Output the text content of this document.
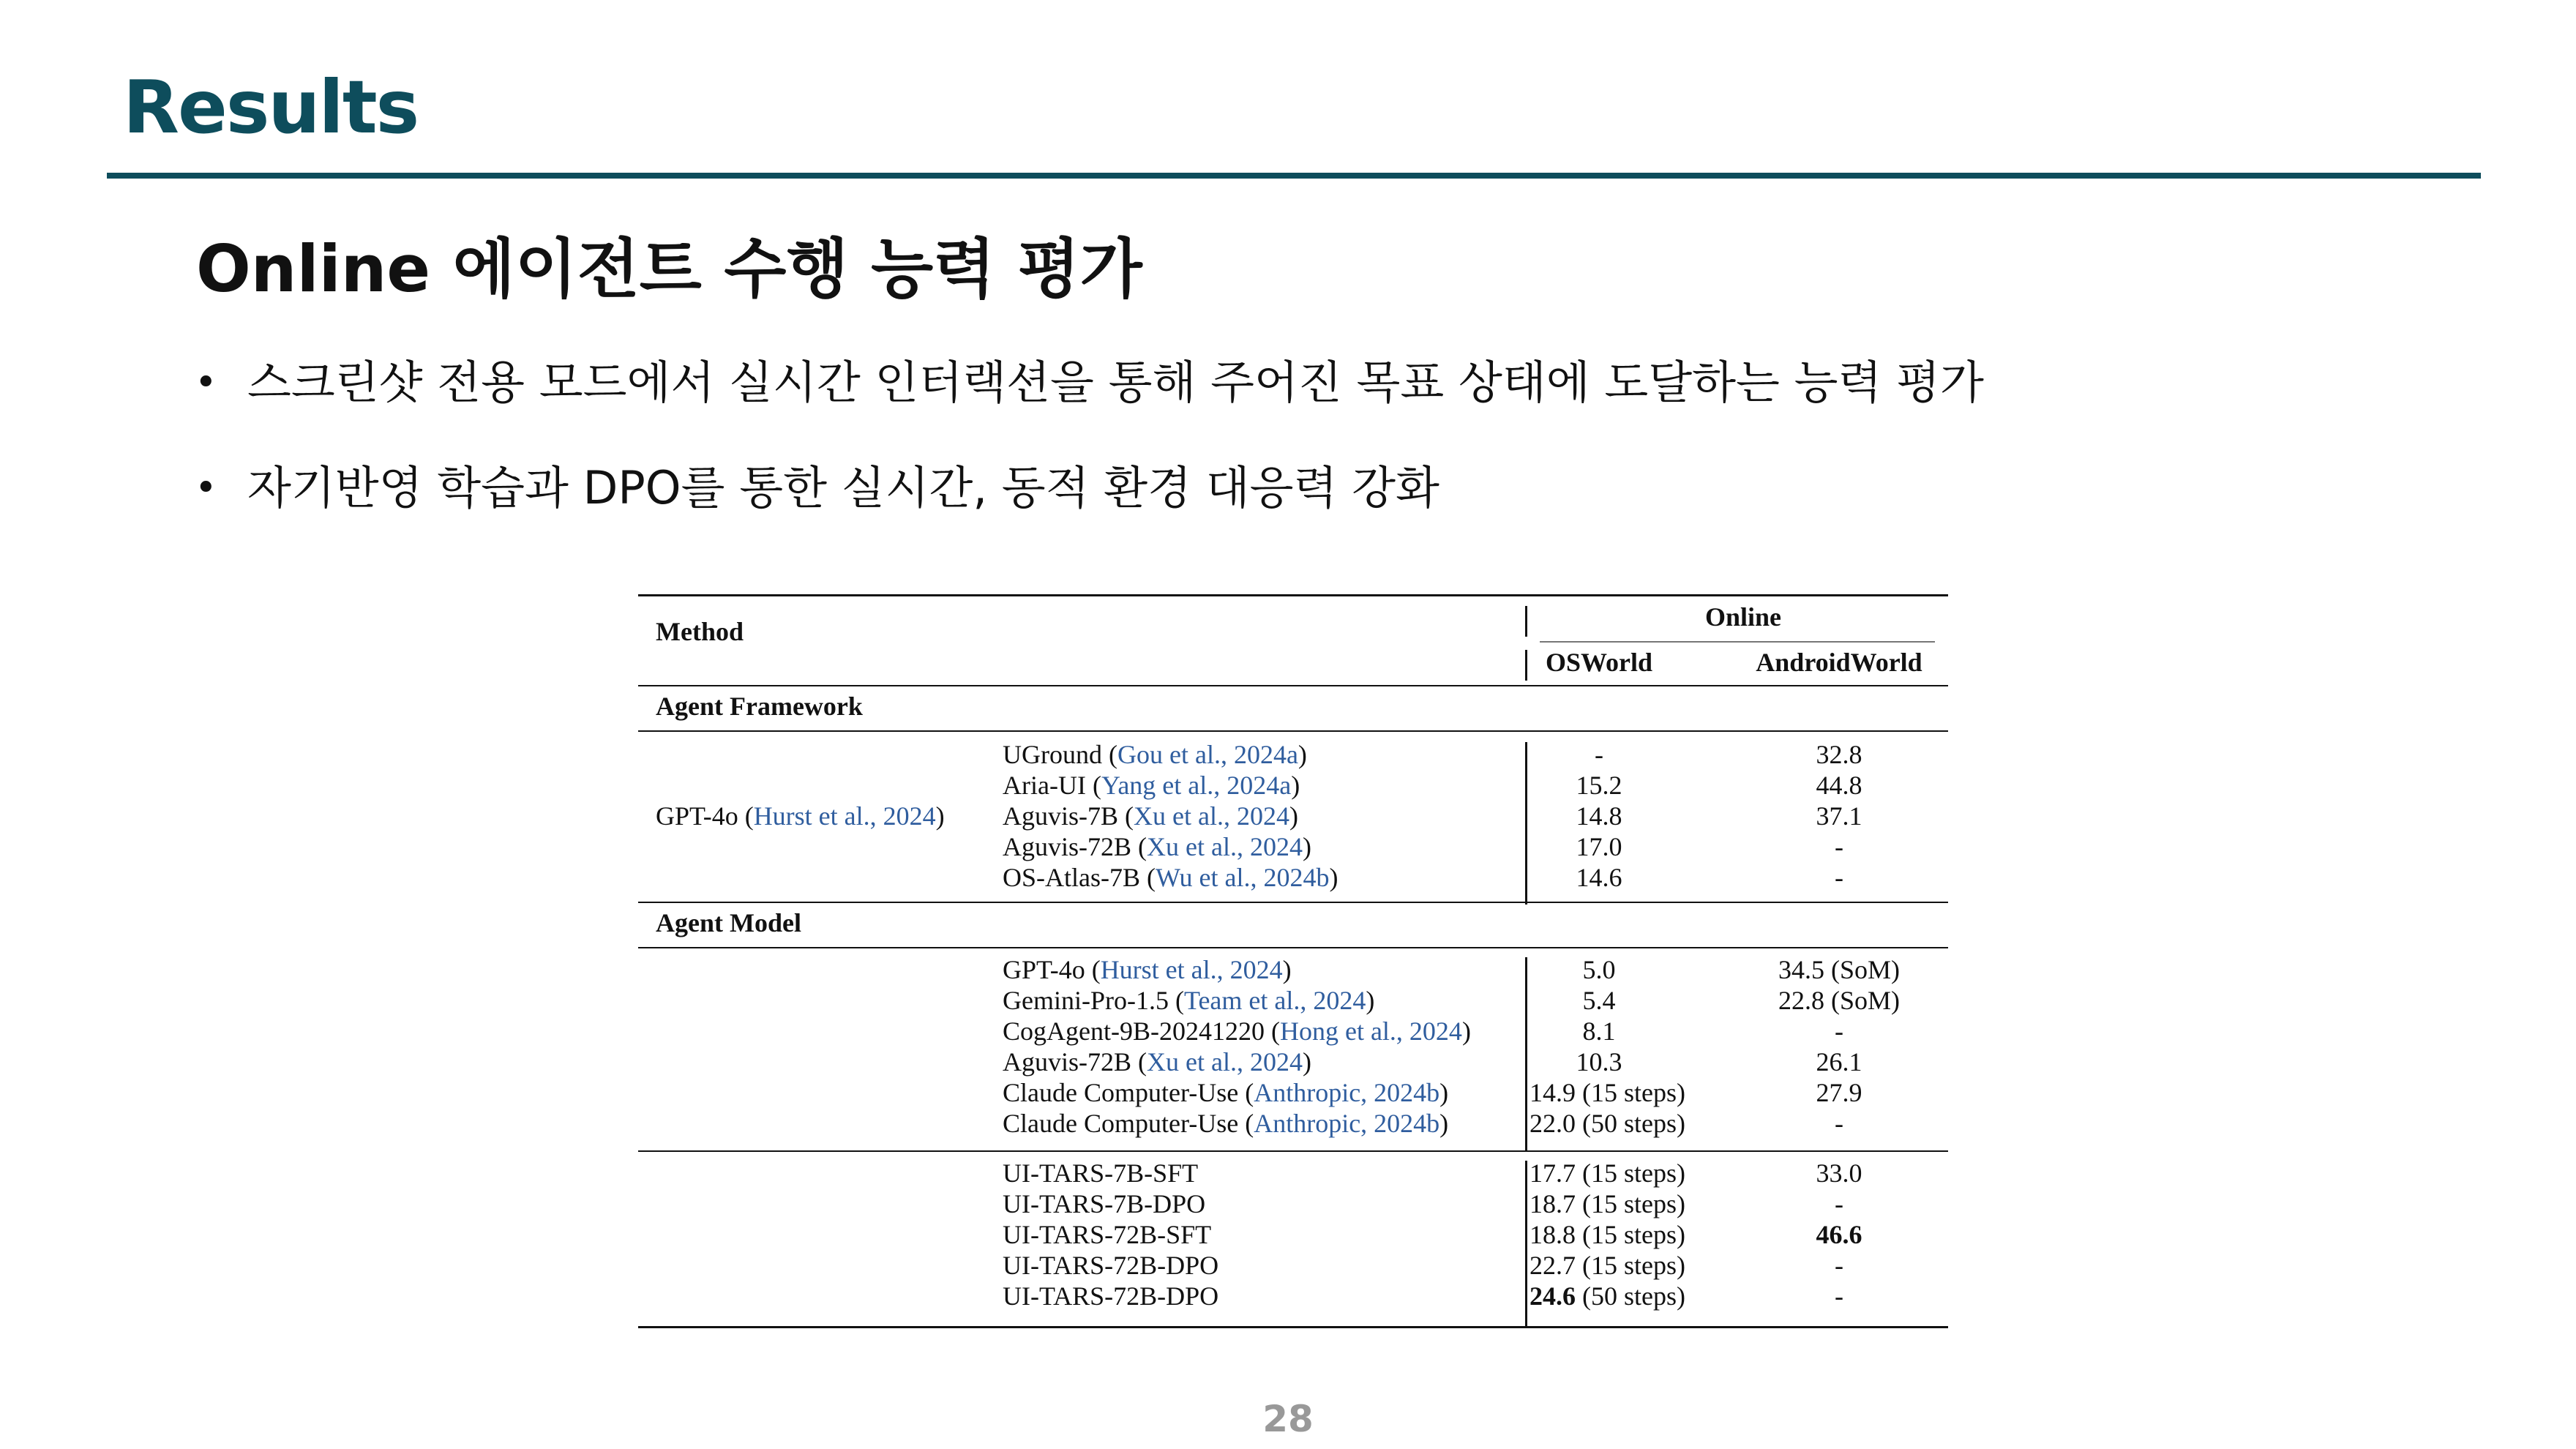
Results
Online 에이전트 수행 능력 평가
• 스크린샷 전용 모드에서 실시간 인터랙션을 통해 주어진 목표 상태에 도달하는 능력 평가
• 자기반영 학습과 DPO를 통한 실시간, 동적 환경 대응력 강화
Method	Online
OSWorld	AndroidWorld
Agent Framework
GPT-4o (Hurst et al., 2024)
UGround (Gou et al., 2024a)	-	32.8
Aria-UI (Yang et al., 2024a)	15.2	44.8
Aguvis-7B (Xu et al., 2024)	14.8	37.1
Aguvis-72B (Xu et al., 2024)	17.0	-
OS-Atlas-7B (Wu et al., 2024b)	14.6	-
Agent Model
GPT-4o (Hurst et al., 2024)	5.0	34.5 (SoM)
Gemini-Pro-1.5 (Team et al., 2024)	5.4	22.8 (SoM)
CogAgent-9B-20241220 (Hong et al., 2024)	8.1	-
Aguvis-72B (Xu et al., 2024)	10.3	26.1
Claude Computer-Use (Anthropic, 2024b)	14.9 (15 steps)	27.9
Claude Computer-Use (Anthropic, 2024b)	22.0 (50 steps)	-
UI-TARS-7B-SFT	17.7 (15 steps)	33.0
UI-TARS-7B-DPO	18.7 (15 steps)	-
UI-TARS-72B-SFT	18.8 (15 steps)	46.6
UI-TARS-72B-DPO	22.7 (15 steps)	-
UI-TARS-72B-DPO	24.6 (50 steps)	-
28
